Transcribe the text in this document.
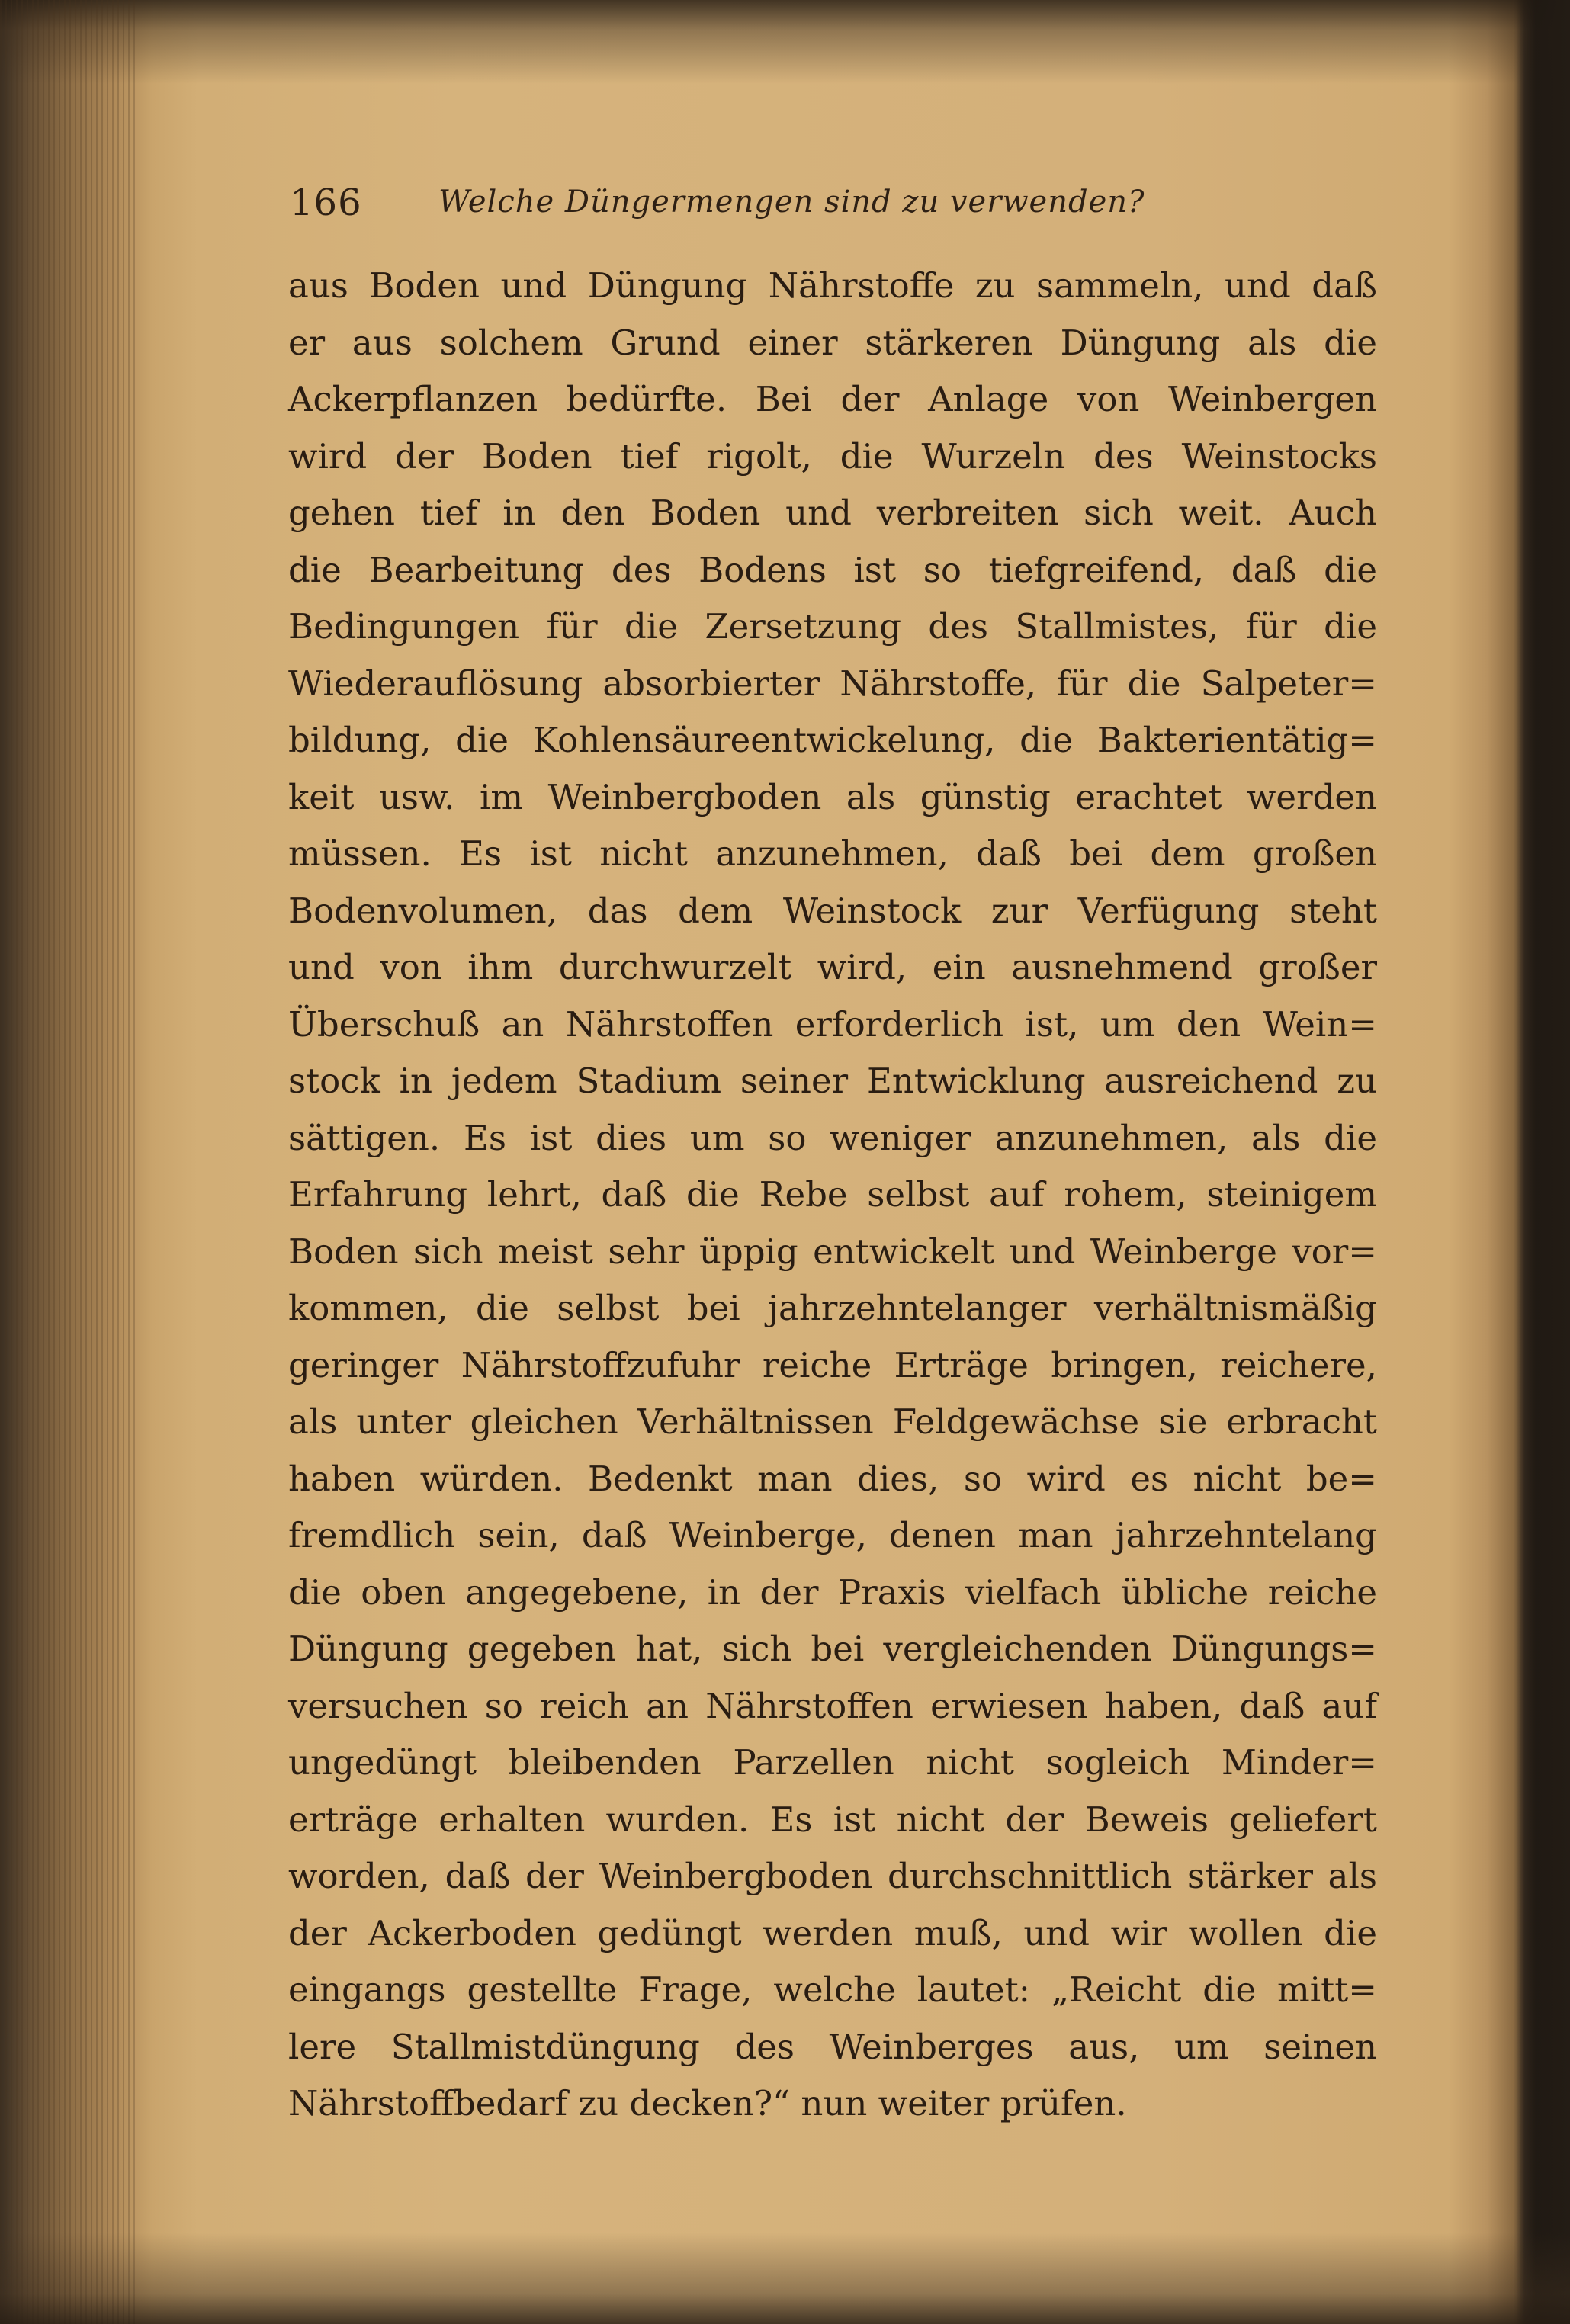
166	Welche Düngermengen sind zu verwenden?
aus Boden und Düngung Nährstoffe zu sammeln, und daß
er aus solchem Grund einer stärkeren Düngung als die
Ackerpflanzen bedürfte. Bei der Anlage von Weinbergen
wird der Boden tief rigolt, die Wurzeln des Weinstocks
gehen tief in den Boden und verbreiten sich weit. Auch
die Bearbeitung des Bodens ist so tiefgreifend, daß die
Bedingungen für die Zersetzung des Stallmistes, für die
Wiederauflösung absorbierter Nährstoffe, für die Salpeter=
bildung, die Kohlensäureentwickelung, die Bakterientätig=
keit usw. im Weinbergboden als günstig erachtet werden
müssen. Es ist nicht anzunehmen, daß bei dem großen
Bodenvolumen, das dem Weinstock zur Verfügung steht
und von ihm durchwurzelt wird, ein ausnehmend großer
Überschuß an Nährstoffen erforderlich ist, um den Wein=
stock in jedem Stadium seiner Entwicklung ausreichend zu
sättigen. Es ist dies um so weniger anzunehmen, als die
Erfahrung lehrt, daß die Rebe selbst auf rohem, steinigem
Boden sich meist sehr üppig entwickelt und Weinberge vor=
kommen, die selbst bei jahrzehntelanger verhältnismäßig
geringer Nährstoffzufuhr reiche Erträge bringen, reichere,
als unter gleichen Verhältnissen Feldgewächse sie erbracht
haben würden. Bedenkt man dies, so wird es nicht be=
fremdlich sein, daß Weinberge, denen man jahrzehntelang
die oben angegebene, in der Praxis vielfach übliche reiche
Düngung gegeben hat, sich bei vergleichenden Düngungs=
versuchen so reich an Nährstoffen erwiesen haben, daß auf
ungedüngt bleibenden Parzellen nicht sogleich Minder=
erträge erhalten wurden. Es ist nicht der Beweis geliefert
worden, daß der Weinbergboden durchschnittlich stärker als
der Ackerboden gedüngt werden muß, und wir wollen die
eingangs gestellte Frage, welche lautet: „Reicht die mitt=
lere Stallmistdüngung des Weinberges aus, um seinen
Nährstoffbedarf zu decken?“ nun weiter prüfen.
